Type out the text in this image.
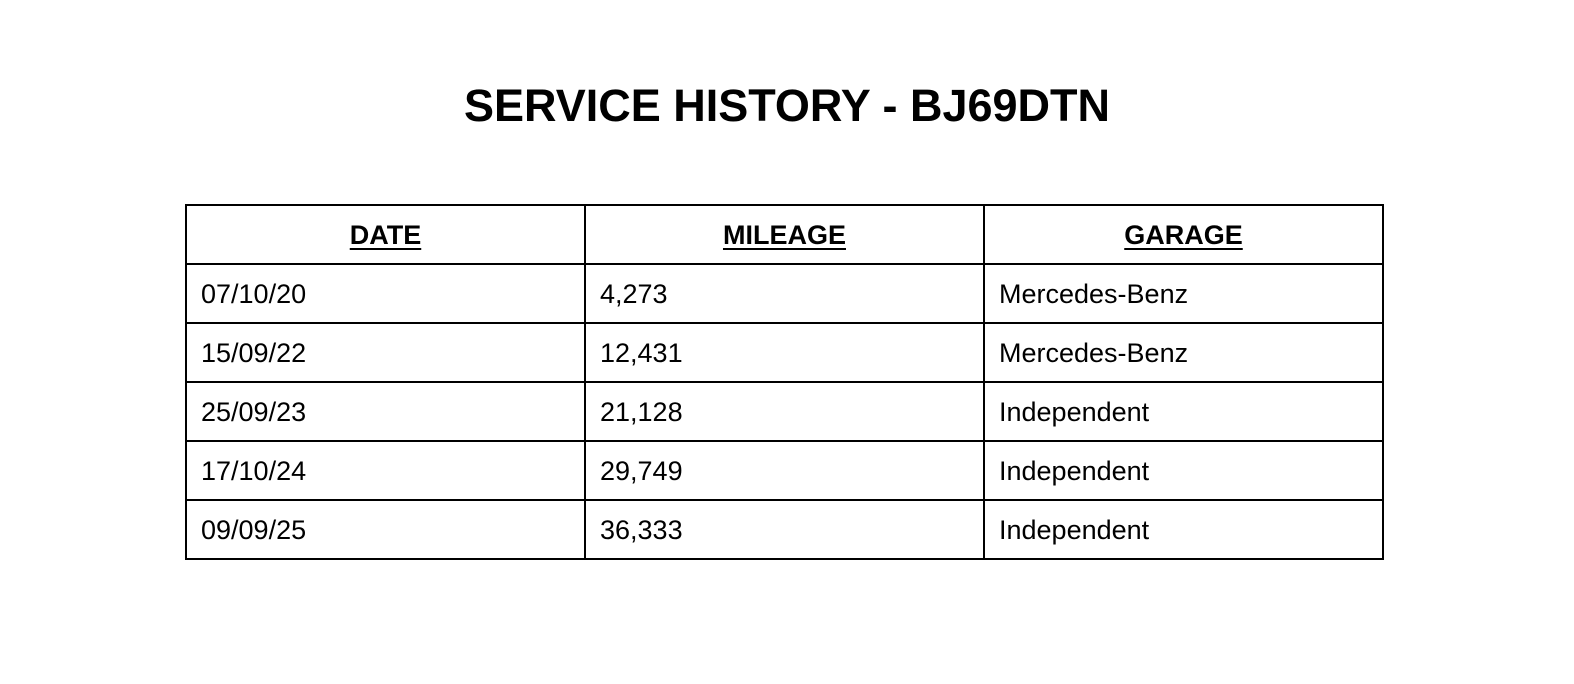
SERVICE HISTORY - BJ69DTN
DATE	MILEAGE	GARAGE
07/10/20	4,273	Mercedes-Benz
15/09/22	12,431	Mercedes-Benz
25/09/23	21,128	Independent
17/10/24	29,749	Independent
09/09/25	36,333	Independent
